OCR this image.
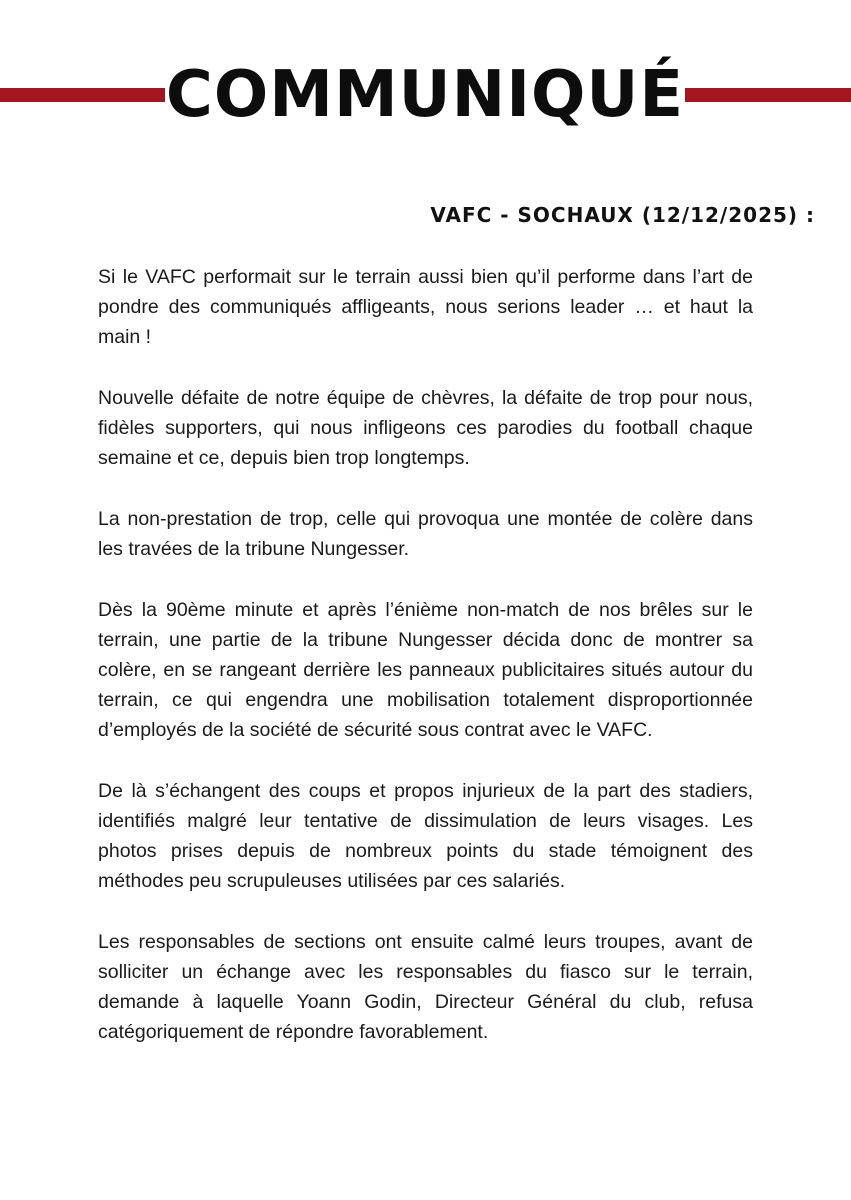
COMMUNIQUÉ
VAFC - SOCHAUX (12/12/2025) :

Si le VAFC performait sur le terrain aussi bien qu’il performe dans l’art de pondre des communiqués affligeants, nous serions leader … et haut la main !

Nouvelle défaite de notre équipe de chèvres, la défaite de trop pour nous, fidèles supporters, qui nous infligeons ces parodies du football chaque semaine et ce, depuis bien trop longtemps.

La non-prestation de trop, celle qui provoqua une montée de colère dans les travées de la tribune Nungesser.

Dès la 90ème minute et après l’énième non-match de nos brêles sur le terrain, une partie de la tribune Nungesser décida donc de montrer sa colère, en se rangeant derrière les panneaux publicitaires situés autour du terrain, ce qui engendra une mobilisation totalement disproportionnée d’employés de la société de sécurité sous contrat avec le VAFC.

De là s’échangent des coups et propos injurieux de la part des stadiers, identifiés malgré leur tentative de dissimulation de leurs visages. Les photos prises depuis de nombreux points du stade témoignent des méthodes peu scrupuleuses utilisées par ces salariés.

Les responsables de sections ont ensuite calmé leurs troupes, avant de solliciter un échange avec les responsables du fiasco sur le terrain, demande à laquelle Yoann Godin, Directeur Général du club, refusa catégoriquement de répondre favorablement.
